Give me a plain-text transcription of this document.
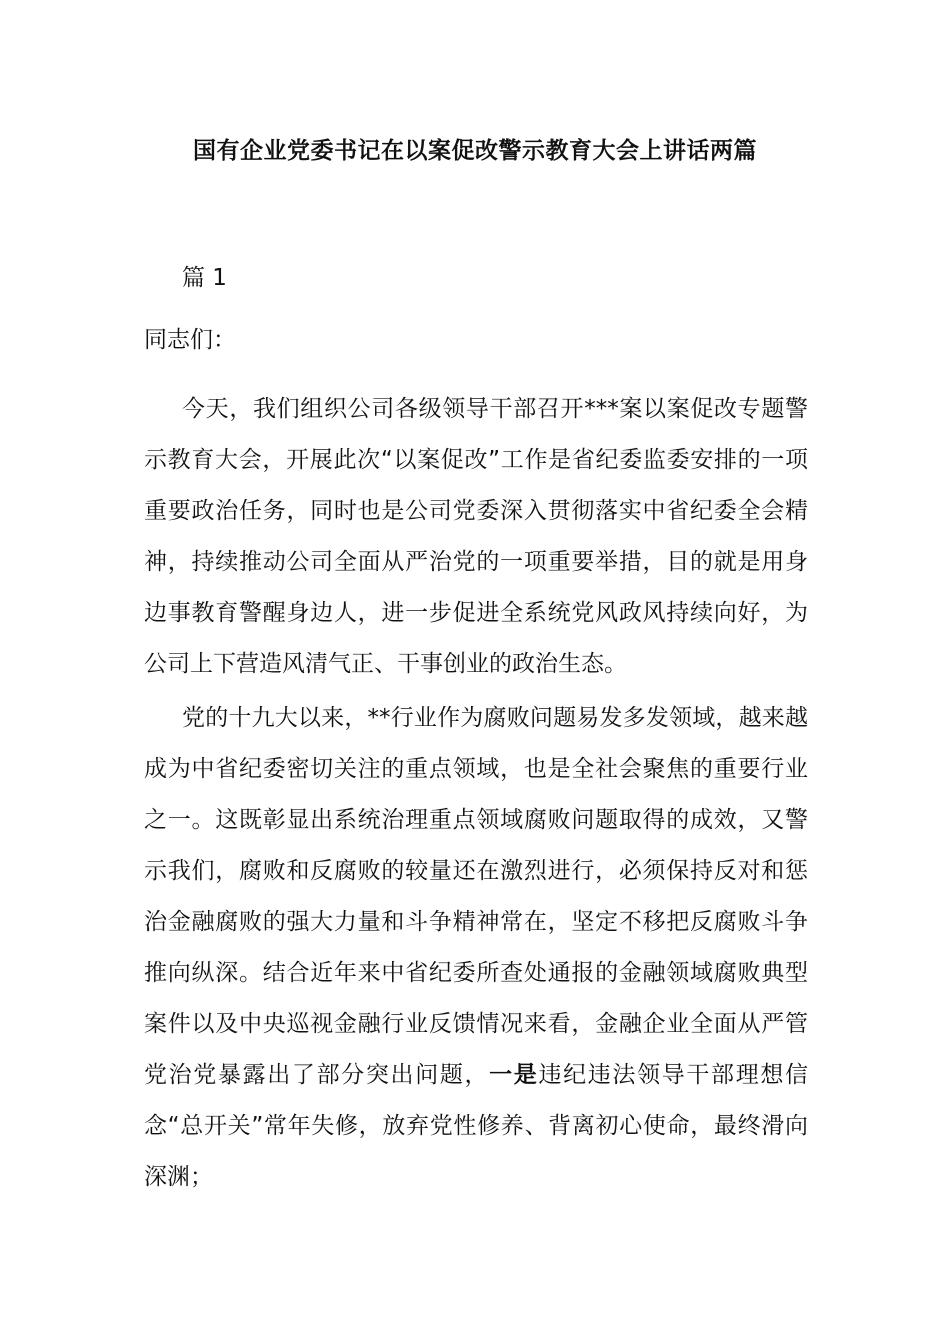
国有企业党委书记在以案促改警示教育大会上讲话两篇
篇 1
同志们：

今天，我们组织公司各级领导干部召开***案以案促改专题警示教育大会，开展此次“以案促改”工作是省纪委监委安排的一项重要政治任务，同时也是公司党委深入贯彻落实中省纪委全会精神，持续推动公司全面从严治党的一项重要举措，目的就是用身边事教育警醒身边人，进一步促进全系统党风政风持续向好，为公司上下营造风清气正、干事创业的政治生态。

党的十九大以来，**行业作为腐败问题易发多发领域，越来越成为中省纪委密切关注的重点领域，也是全社会聚焦的重要行业之一。这既彰显出系统治理重点领域腐败问题取得的成效，又警示我们，腐败和反腐败的较量还在激烈进行，必须保持反对和惩治金融腐败的强大力量和斗争精神常在，坚定不移把反腐败斗争推向纵深。结合近年来中省纪委所查处通报的金融领域腐败典型案件以及中央巡视金融行业反馈情况来看，金融企业全面从严管党治党暴露出了部分突出问题，一是违纪违法领导干部理想信念“总开关”常年失修，放弃党性修养、背离初心使命，最终滑向深渊；
